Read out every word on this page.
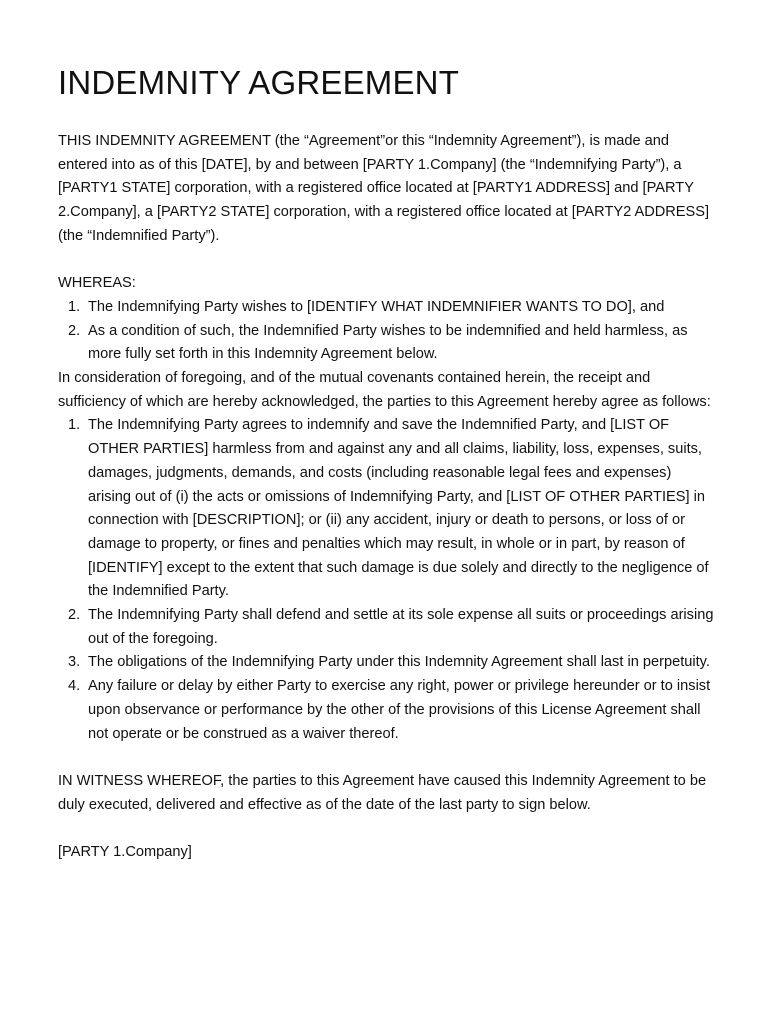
INDEMNITY AGREEMENT

THIS INDEMNITY AGREEMENT (the “Agreement”or this “Indemnity Agreement”), is made and entered into as of this [DATE], by and between [PARTY 1.Company] (the “Indemnifying Party”), a [PARTY1 STATE] corporation, with a registered office located at [PARTY1 ADDRESS] and [PARTY 2.Company], a [PARTY2 STATE] corporation, with a registered office located at [PARTY2 ADDRESS] (the “Indemnified Party”).

WHEREAS:

1. The Indemnifying Party wishes to [IDENTIFY WHAT INDEMNIFIER WANTS TO DO], and
2. As a condition of such, the Indemnified Party wishes to be indemnified and held harmless, as more fully set forth in this Indemnity Agreement below.

In consideration of foregoing, and of the mutual covenants contained herein, the receipt and sufficiency of which are hereby acknowledged, the parties to this Agreement hereby agree as follows:

1. The Indemnifying Party agrees to indemnify and save the Indemnified Party, and [LIST OF OTHER PARTIES] harmless from and against any and all claims, liability, loss, expenses, suits, damages, judgments, demands, and costs (including reasonable legal fees and expenses) arising out of (i) the acts or omissions of Indemnifying Party, and [LIST OF OTHER PARTIES] in connection with [DESCRIPTION]; or (ii) any accident, injury or death to persons, or loss of or damage to property, or fines and penalties which may result, in whole or in part, by reason of [IDENTIFY] except to the extent that such damage is due solely and directly to the negligence of the Indemnified Party.
2. The Indemnifying Party shall defend and settle at its sole expense all suits or proceedings arising out of the foregoing.
3. The obligations of the Indemnifying Party under this Indemnity Agreement shall last in perpetuity.
4. Any failure or delay by either Party to exercise any right, power or privilege hereunder or to insist upon observance or performance by the other of the provisions of this License Agreement shall not operate or be construed as a waiver thereof.

IN WITNESS WHEREOF, the parties to this Agreement have caused this Indemnity Agreement to be duly executed, delivered and effective as of the date of the last party to sign below.

[PARTY 1.Company]
